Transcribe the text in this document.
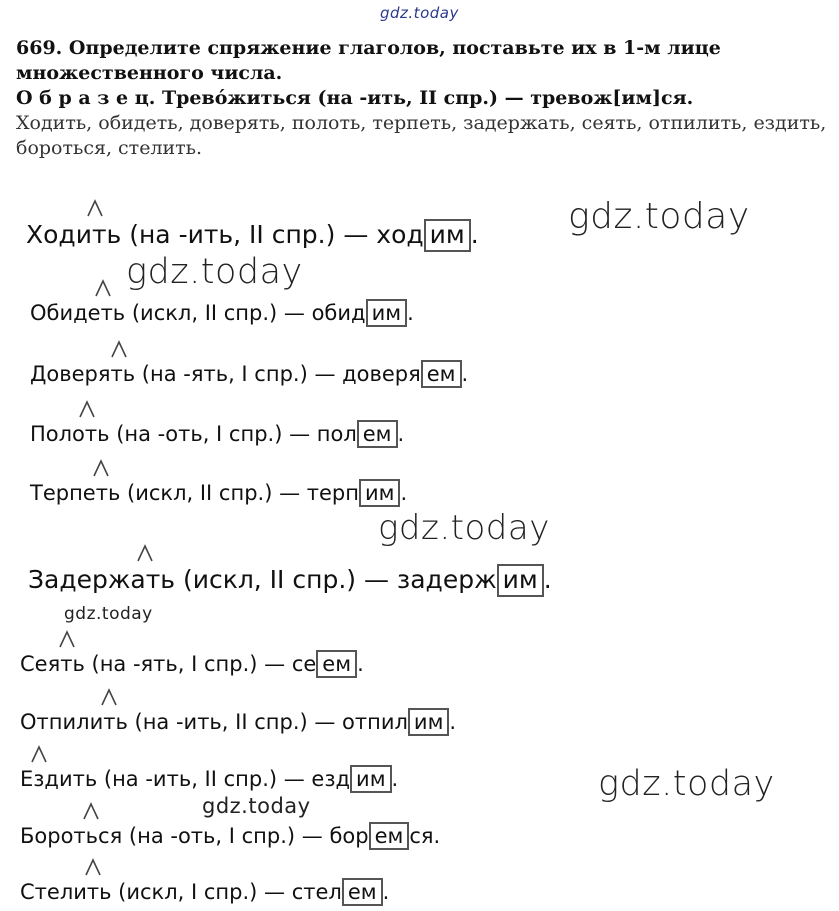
gdz.today
669. Определите спряжение глаголов, поставьте их в 1-м лице множественного числа.
О б р а з е ц. Трево́житься (на -ить, II спр.) — тревож[им]ся.
Ходить, обидеть, доверять, полоть, терпеть, задержать, сеять, отпилить, ездить, бороться, стелить.
Ходить (на -ить, II спр.) — ход им .
Обидеть (искл, II спр.) — обид им .
Доверять (на -ять, I спр.) — доверя ем .
Полоть (на -оть, I спр.) — пол ем .
Терпеть (искл, II спр.) — терп им .
Задержать (искл, II спр.) — задерж им .
Сеять (на -ять, I спр.) — се ем .
Отпилить (на -ить, II спр.) — отпил им .
Ездить (на -ить, II спр.) — езд им .
Бороться (на -оть, I спр.) — бор ем ся.
Стелить (искл, I спр.) — стел ем .
gdz.today
gdz.today
gdz.today
gdz.today
gdz.today
gdz.today
